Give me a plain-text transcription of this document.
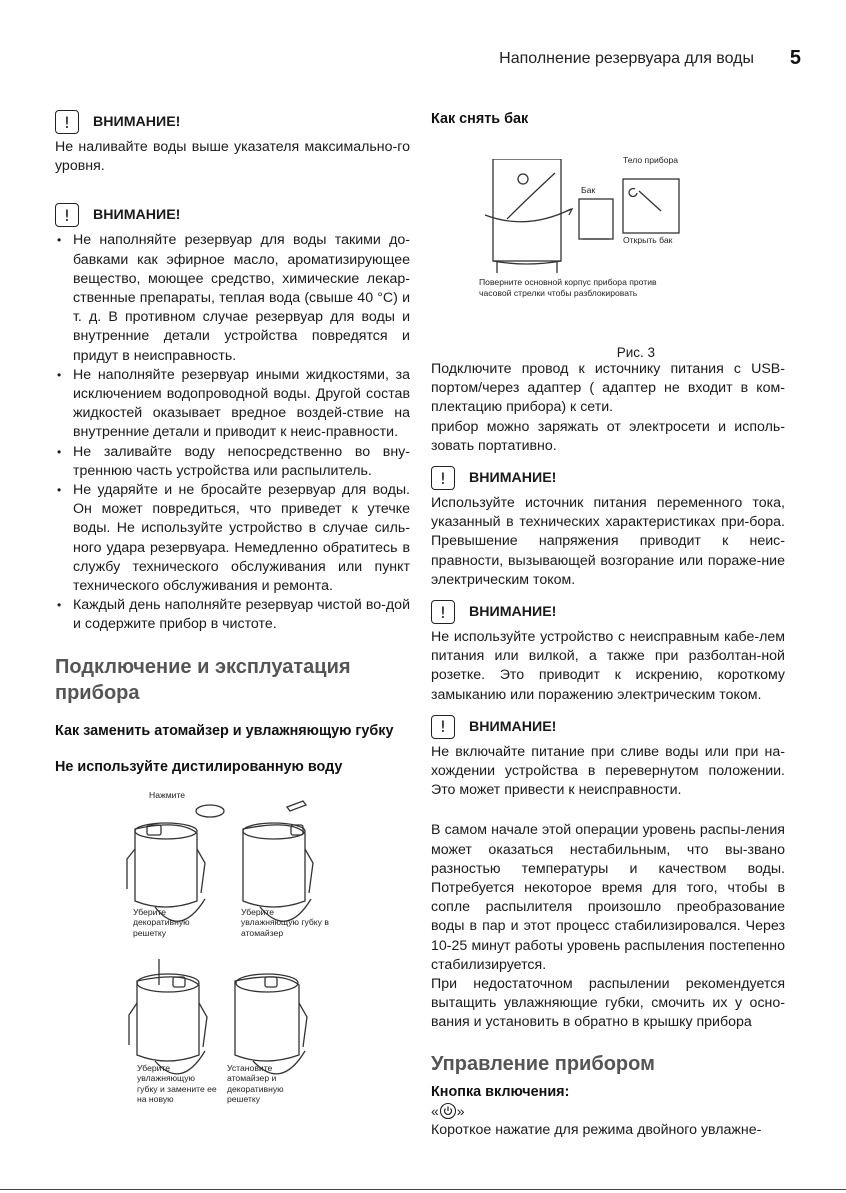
Наполнение резервуара для воды 5
!	ВНИМАНИЕ!

Не наливайте воды выше указателя максимально-го уровня.

!	ВНИМАНИЕ!
• Не наполняйте резервуар для воды такими до-бавками как эфирное масло, ароматизирующее вещество, моющее средство, химические лекар-ственные препараты, теплая вода (свыше 40 °C) и т. д. В противном случае резервуар для воды и внутренние детали устройства повредятся и придут в неисправность.
• Не наполняйте резервуар иными жидкостями, за исключением водопроводной воды. Другой состав жидкостей оказывает вредное воздей-ствие на внутренние детали и приводит к неис-правности.
• Не заливайте воду непосредственно во вну-треннюю часть устройства или распылитель.
• Не ударяйте и не бросайте резервуар для воды. Он может повредиться, что приведет к утечке воды. Не используйте устройство в случае силь-ного удара резервуара. Немедленно обратитесь в службу технического обслуживания или пункт технического обслуживания и ремонта.
• Каждый день наполняйте резервуар чистой во-дой и содержите прибор в чистоте.
Подключение и эксплуатация прибора
Как заменить атомайзер и увлажняющую губку
Не используйте дистилированную воду
Нажмите
Уберите декоративную решетку
Уберите увлажняющую губку в атомайзер
Уберите увлажняющую губку и замените ее на новую
Установите атомайзер и декоративную решетку
Как снять бак
Тело прибора
Бак
Открыть бак
Поверните основной корпус прибора против часовой стрелки чтобы разблокировать
Рис. 3

Подключите провод к источнику питания с USB-портом/через адаптер ( адаптер не входит в ком-плектацию прибора) к сети.

прибор можно заряжать от электросети и исполь-зовать портативно.

!	ВНИМАНИЕ!

Используйте источник питания переменного тока, указанный в технических характеристиках при-бора. Превышение напряжения приводит к неис-правности, вызывающей возгорание или пораже-ние электрическим током.

!	ВНИМАНИЕ!

Не используйте устройство с неисправным кабе-лем питания или вилкой, а также при разболтан-ной розетке. Это приводит к искрению, короткому замыканию или поражению электрическим током.

!	ВНИМАНИЕ!

Не включайте питание при сливе воды или при на-хождении устройства в перевернутом положении. Это может привести к неисправности.

В самом начале этой операции уровень распы-ления может оказаться нестабильным, что вы-звано разностью температуры и качеством воды. Потребуется некоторое время для того, чтобы в сопле распылителя произошло преобразование воды в пар и этот процесс стабилизировался. Через 10-25 минут работы уровень распыления постепенно стабилизируется.

При недостаточном распылении рекомендуется вытащить увлажняющие губки, смочить их у осно-вания и установить в обратно в крышку прибора

Управление прибором
Кнопка включения:
« »

Короткое нажатие для режима двойного увлажне-
